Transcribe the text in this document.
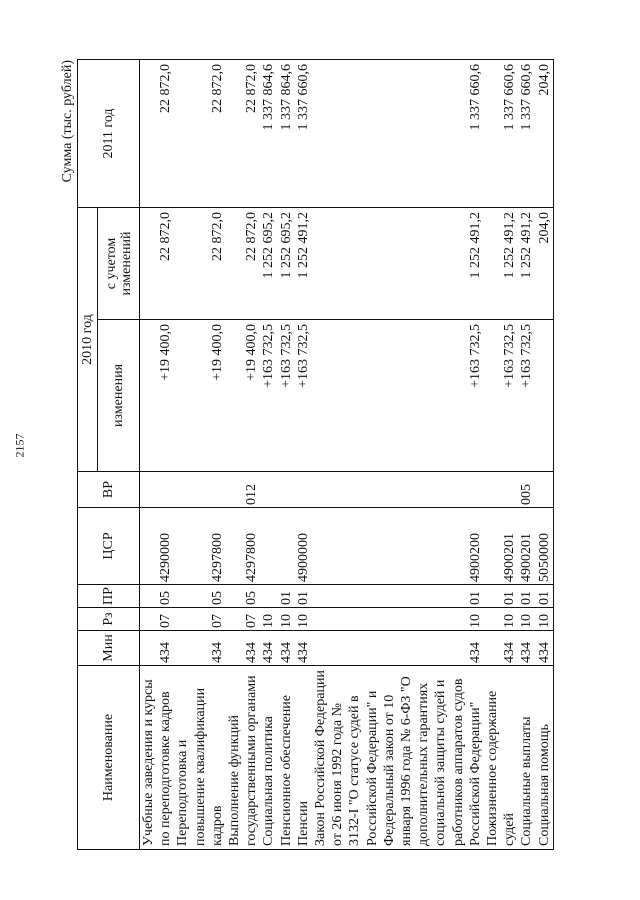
2157
Сумма (тыс. рублей)
Наименование	Мин	Рз	ПР	ЦСР	ВР	2010 год		2011 год
						изменения	с учетом изменений	
Учебные заведения и курсы по переподготовке кадров	434	07	05	4290000		+19 400,0	22 872,0	22 872,0
Переподготовка и повышение квалификации кадров	434	07	05	4297800		+19 400,0	22 872,0	22 872,0
Выполнение функций государственными органами	434	07	05	4297800	012	+19 400,0	22 872,0	22 872,0
Социальная политика	434	10				+163 732,5	1 252 695,2	1 337 864,6
Пенсионное обеспечение	434	10	01			+163 732,5	1 252 695,2	1 337 864,6
Пенсии	434	10	01	4900000		+163 732,5	1 252 491,2	1 337 660,6
Закон Российской Федерации от 26 июня 1992 года № 3132-I "О статусе судей в Российской Федерации" и Федеральный закон от 10 января 1996 года № 6-ФЗ "О дополнительных гарантиях социальной защиты судей и работников аппаратов судов Российской Федерации"	434	10	01	4900200		+163 732,5	1 252 491,2	1 337 660,6
Пожизненное содержание судей	434	10	01	4900201		+163 732,5	1 252 491,2	1 337 660,6
Социальные выплаты	434	10	01	4900201	005	+163 732,5	1 252 491,2	1 337 660,6
Социальная помощь	434	10	01	5050000			204,0	204,0
